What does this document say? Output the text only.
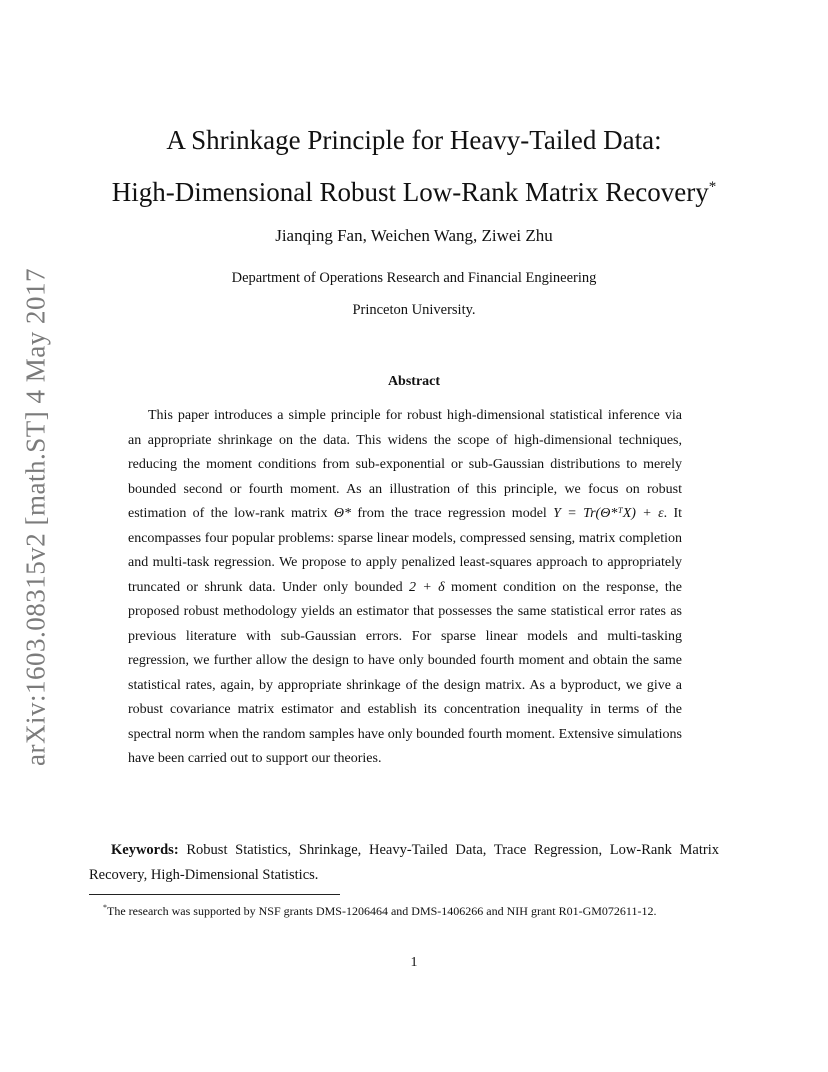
arXiv:1603.08315v2 [math.ST] 4 May 2017
A Shrinkage Principle for Heavy-Tailed Data:
High-Dimensional Robust Low-Rank Matrix Recovery*
Jianqing Fan, Weichen Wang, Ziwei Zhu
Department of Operations Research and Financial Engineering
Princeton University.
Abstract

This paper introduces a simple principle for robust high-dimensional statistical inference via an appropriate shrinkage on the data. This widens the scope of high-dimensional techniques, reducing the moment conditions from sub-exponential or sub-Gaussian distributions to merely bounded second or fourth moment. As an illustration of this principle, we focus on robust estimation of the low-rank matrix Θ* from the trace regression model Y = Tr(Θ*ᵀX) + ε. It encompasses four popular problems: sparse linear models, compressed sensing, matrix completion and multi-task regression. We propose to apply penalized least-squares approach to appropriately truncated or shrunk data. Under only bounded 2 + δ moment condition on the response, the proposed robust methodology yields an estimator that possesses the same statistical error rates as previous literature with sub-Gaussian errors. For sparse linear models and multi-tasking regression, we further allow the design to have only bounded fourth moment and obtain the same statistical rates, again, by appropriate shrinkage of the design matrix. As a byproduct, we give a robust covariance matrix estimator and establish its concentration inequality in terms of the spectral norm when the random samples have only bounded fourth moment. Extensive simulations have been carried out to support our theories.

Keywords: Robust Statistics, Shrinkage, Heavy-Tailed Data, Trace Regression, Low-Rank Matrix Recovery, High-Dimensional Statistics.

*The research was supported by NSF grants DMS-1206464 and DMS-1406266 and NIH grant R01-GM072611-12.

1
